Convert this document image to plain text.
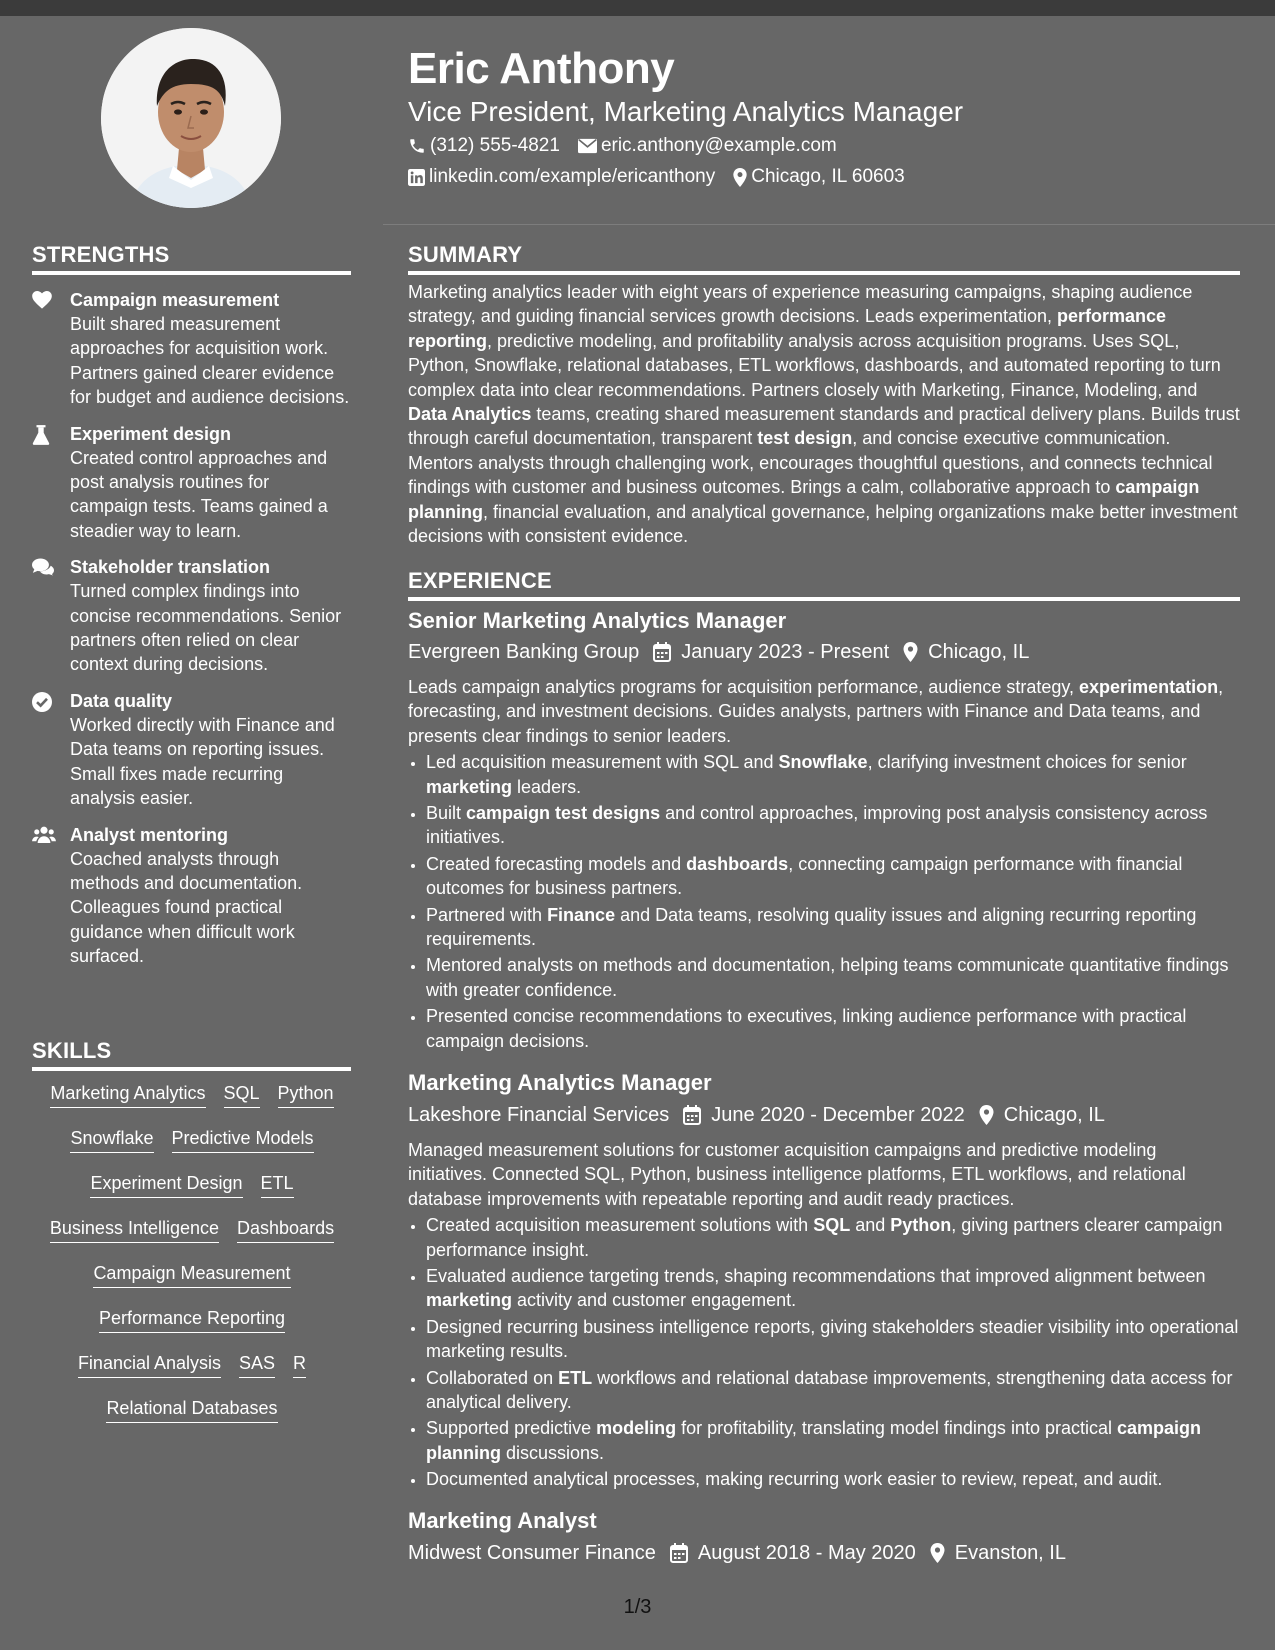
Eric Anthony
Vice President, Marketing Analytics Manager
(312) 555-4821 eric.anthony@example.com
linkedin.com/example/ericanthony Chicago, IL 60603
STRENGTHS
Campaign measurement
Built shared measurement approaches for acquisition work. Partners gained clearer evidence for budget and audience decisions.
Experiment design
Created control approaches and post analysis routines for campaign tests. Teams gained a steadier way to learn.
Stakeholder translation
Turned complex findings into concise recommendations. Senior partners often relied on clear context during decisions.
Data quality
Worked directly with Finance and Data teams on reporting issues. Small fixes made recurring analysis easier.
Analyst mentoring
Coached analysts through methods and documentation. Colleagues found practical guidance when difficult work surfaced.
SKILLS
Marketing Analytics SQL Python
Snowflake Predictive Models
Experiment Design ETL
Business Intelligence Dashboards
Campaign Measurement
Performance Reporting
Financial Analysis SAS R
Relational Databases
SUMMARY
Marketing analytics leader with eight years of experience measuring campaigns, shaping audience strategy, and guiding financial services growth decisions. Leads experimentation, performance reporting, predictive modeling, and profitability analysis across acquisition programs. Uses SQL, Python, Snowflake, relational databases, ETL workflows, dashboards, and automated reporting to turn complex data into clear recommendations. Partners closely with Marketing, Finance, Modeling, and Data Analytics teams, creating shared measurement standards and practical delivery plans. Builds trust through careful documentation, transparent test design, and concise executive communication. Mentors analysts through challenging work, encourages thoughtful questions, and connects technical findings with customer and business outcomes. Brings a calm, collaborative approach to campaign planning, financial evaluation, and analytical governance, helping organizations make better investment decisions with consistent evidence.
EXPERIENCE
Senior Marketing Analytics Manager
Evergreen Banking Group January 2023 - Present Chicago, IL
Leads campaign analytics programs for acquisition performance, audience strategy, experimentation, forecasting, and investment decisions. Guides analysts, partners with Finance and Data teams, and presents clear findings to senior leaders.
• Led acquisition measurement with SQL and Snowflake, clarifying investment choices for senior marketing leaders.
• Built campaign test designs and control approaches, improving post analysis consistency across initiatives.
• Created forecasting models and dashboards, connecting campaign performance with financial outcomes for business partners.
• Partnered with Finance and Data teams, resolving quality issues and aligning recurring reporting requirements.
• Mentored analysts on methods and documentation, helping teams communicate quantitative findings with greater confidence.
• Presented concise recommendations to executives, linking audience performance with practical campaign decisions.
Marketing Analytics Manager
Lakeshore Financial Services June 2020 - December 2022 Chicago, IL
Managed measurement solutions for customer acquisition campaigns and predictive modeling initiatives. Connected SQL, Python, business intelligence platforms, ETL workflows, and relational database improvements with repeatable reporting and audit ready practices.
• Created acquisition measurement solutions with SQL and Python, giving partners clearer campaign performance insight.
• Evaluated audience targeting trends, shaping recommendations that improved alignment between marketing activity and customer engagement.
• Designed recurring business intelligence reports, giving stakeholders steadier visibility into operational marketing results.
• Collaborated on ETL workflows and relational database improvements, strengthening data access for analytical delivery.
• Supported predictive modeling for profitability, translating model findings into practical campaign planning discussions.
• Documented analytical processes, making recurring work easier to review, repeat, and audit.
Marketing Analyst
Midwest Consumer Finance August 2018 - May 2020 Evanston, IL
1/3
